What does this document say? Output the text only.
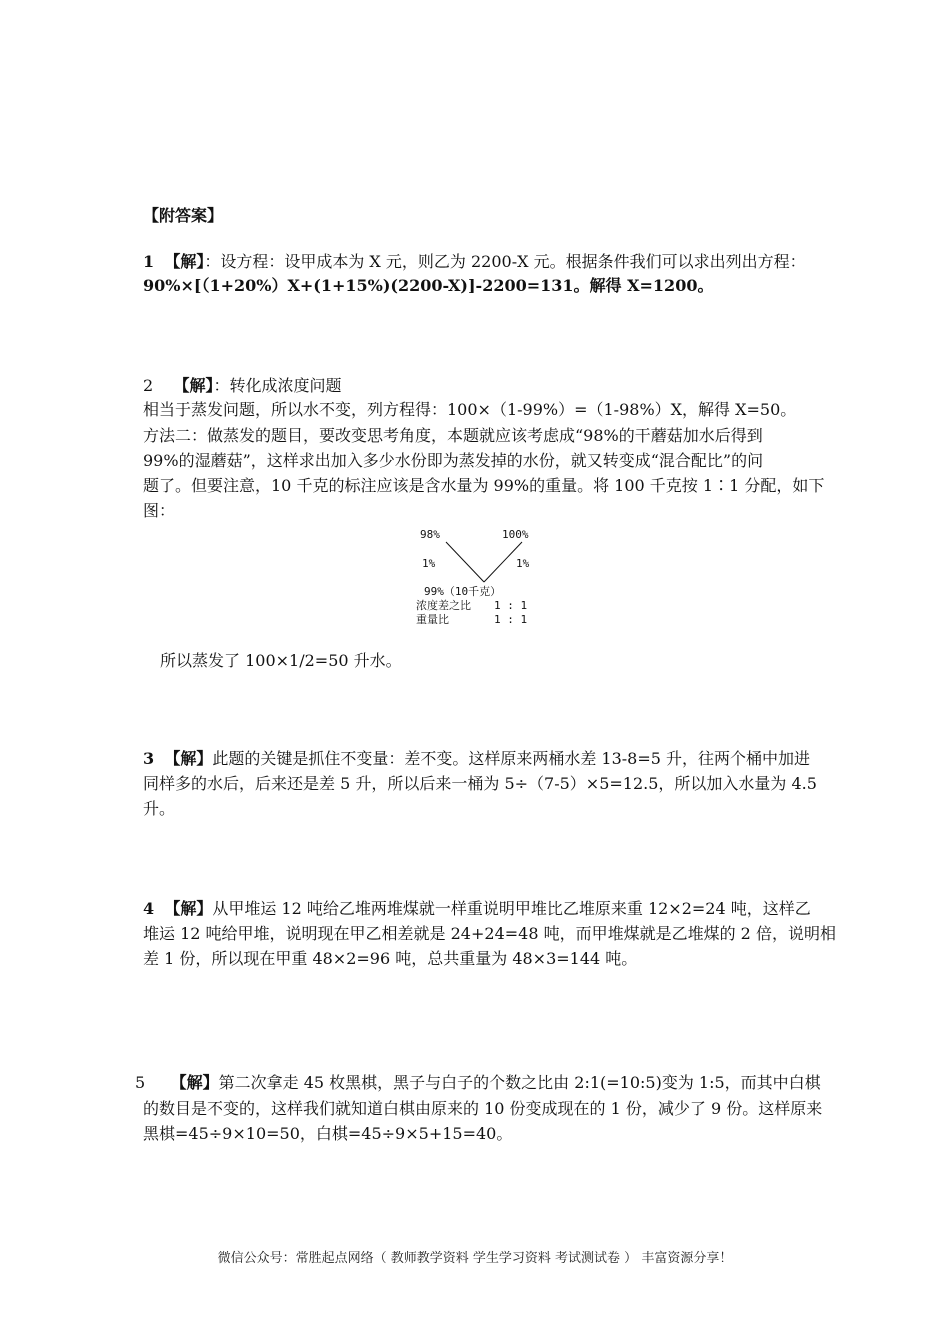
【附答案】
1 【解】：设方程：设甲成本为 X 元，则乙为 2200-X 元。根据条件我们可以求出列出方程：
90%×[（1+20%）X+(1+15%)(2200-X)]-2200=131。解得 X=1200。
2 【解】：转化成浓度问题
相当于蒸发问题，所以水不变，列方程得：100×（1-99%）=（1-98%）X，解得 X=50。
方法二：做蒸发的题目，要改变思考角度，本题就应该考虑成“98%的干蘑菇加水后得到
99%的湿蘑菇”，这样求出加入多少水份即为蒸发掉的水份，就又转变成“混合配比”的问
题了。但要注意，10 千克的标注应该是含水量为 99%的重量。将 100 千克按 1∶1 分配，如下
图：
98%	100%
1%	1%
99%（10千克）
浓度差之比 1 : 1
重量比	1 : 1
所以蒸发了 100×1/2=50 升水。
3 【解】此题的关键是抓住不变量：差不变。这样原来两桶水差 13-8=5 升，往两个桶中加进
同样多的水后，后来还是差 5 升，所以后来一桶为 5÷（7-5）×5=12.5，所以加入水量为 4.5
升。
4 【解】从甲堆运 12 吨给乙堆两堆煤就一样重说明甲堆比乙堆原来重 12×2=24 吨，这样乙
堆运 12 吨给甲堆，说明现在甲乙相差就是 24+24=48 吨，而甲堆煤就是乙堆煤的 2 倍，说明相
差 1 份，所以现在甲重 48×2=96 吨，总共重量为 48×3=144 吨。
5 【解】第二次拿走 45 枚黑棋，黑子与白子的个数之比由 2:1(=10:5)变为 1:5，而其中白棋
的数目是不变的，这样我们就知道白棋由原来的 10 份变成现在的 1 份，减少了 9 份。这样原来
黑棋=45÷9×10=50，白棋=45÷9×5+15=40。
微信公众号：常胜起点网络（ 教师教学资料 学生学习资料 考试测试卷 ） 丰富资源分享！
